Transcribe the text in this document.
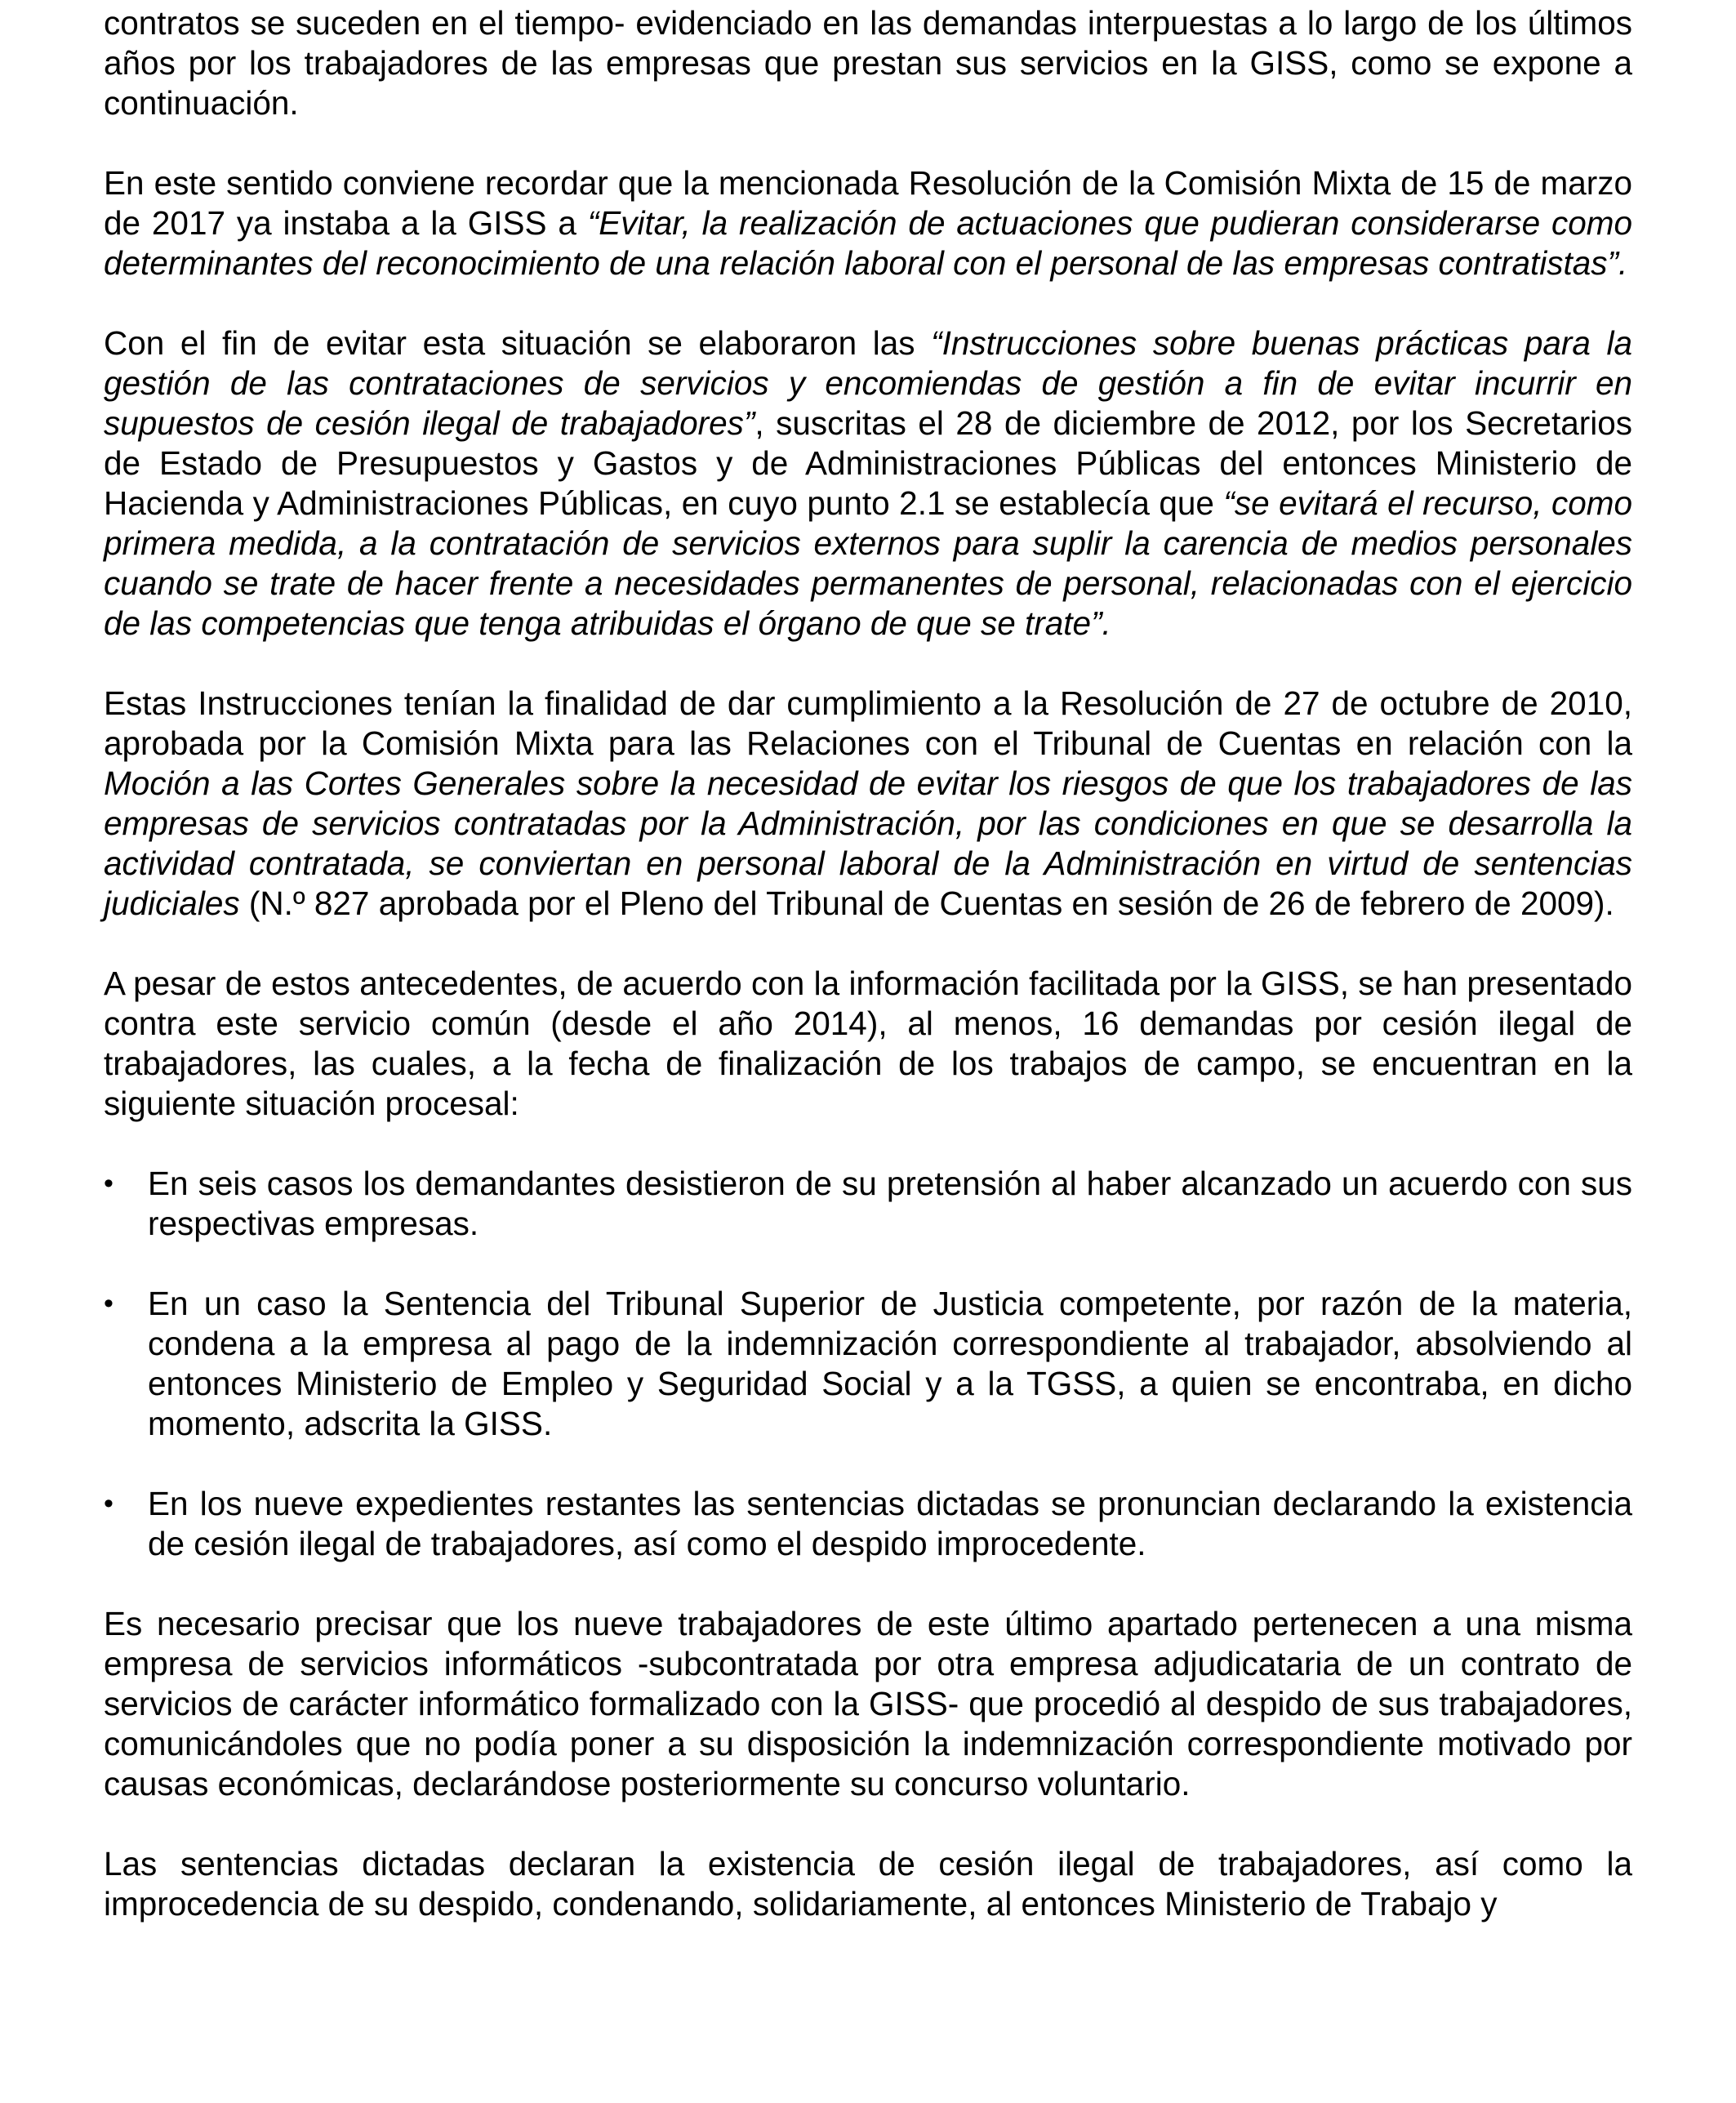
contratos se suceden en el tiempo- evidenciado en las demandas interpuestas a lo largo de los últimos años por los trabajadores de las empresas que prestan sus servicios en la GISS, como se expone a continuación.

En este sentido conviene recordar que la mencionada Resolución de la Comisión Mixta de 15 de marzo de 2017 ya instaba a la GISS a “Evitar, la realización de actuaciones que pudieran considerarse como determinantes del reconocimiento de una relación laboral con el personal de las empresas contratistas”.

Con el fin de evitar esta situación se elaboraron las “Instrucciones sobre buenas prácticas para la gestión de las contrataciones de servicios y encomiendas de gestión a fin de evitar incurrir en supuestos de cesión ilegal de trabajadores”, suscritas el 28 de diciembre de 2012, por los Secretarios de Estado de Presupuestos y Gastos y de Administraciones Públicas del entonces Ministerio de Hacienda y Administraciones Públicas, en cuyo punto 2.1 se establecía que “se evitará el recurso, como primera medida, a la contratación de servicios externos para suplir la carencia de medios personales cuando se trate de hacer frente a necesidades permanentes de personal, relacionadas con el ejercicio de las competencias que tenga atribuidas el órgano de que se trate”.

Estas Instrucciones tenían la finalidad de dar cumplimiento a la Resolución de 27 de octubre de 2010, aprobada por la Comisión Mixta para las Relaciones con el Tribunal de Cuentas en relación con la Moción a las Cortes Generales sobre la necesidad de evitar los riesgos de que los trabajadores de las empresas de servicios contratadas por la Administración, por las condiciones en que se desarrolla la actividad contratada, se conviertan en personal laboral de la Administración en virtud de sentencias judiciales (N.º 827 aprobada por el Pleno del Tribunal de Cuentas en sesión de 26 de febrero de 2009).

A pesar de estos antecedentes, de acuerdo con la información facilitada por la GISS, se han presentado contra este servicio común (desde el año 2014), al menos, 16 demandas por cesión ilegal de trabajadores, las cuales, a la fecha de finalización de los trabajos de campo, se encuentran en la siguiente situación procesal:

• En seis casos los demandantes desistieron de su pretensión al haber alcanzado un acuerdo con sus respectivas empresas.
• En un caso la Sentencia del Tribunal Superior de Justicia competente, por razón de la materia, condena a la empresa al pago de la indemnización correspondiente al trabajador, absolviendo al entonces Ministerio de Empleo y Seguridad Social y a la TGSS, a quien se encontraba, en dicho momento, adscrita la GISS.
• En los nueve expedientes restantes las sentencias dictadas se pronuncian declarando la existencia de cesión ilegal de trabajadores, así como el despido improcedente.

Es necesario precisar que los nueve trabajadores de este último apartado pertenecen a una misma empresa de servicios informáticos -subcontratada por otra empresa adjudicataria de un contrato de servicios de carácter informático formalizado con la GISS- que procedió al despido de sus trabajadores, comunicándoles que no podía poner a su disposición la indemnización correspondiente motivado por causas económicas, declarándose posteriormente su concurso voluntario.

Las sentencias dictadas declaran la existencia de cesión ilegal de trabajadores, así como la improcedencia de su despido, condenando, solidariamente, al entonces Ministerio de Trabajo y
